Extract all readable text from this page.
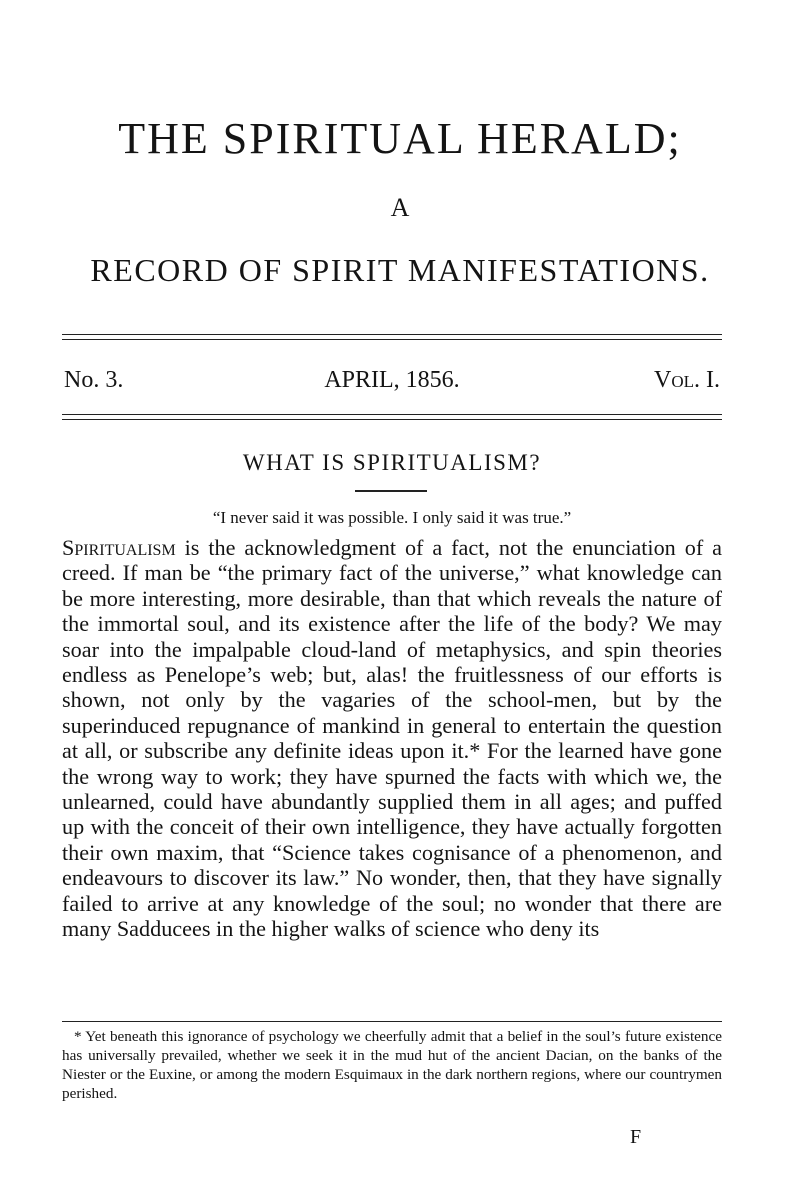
THE SPIRITUAL HERALD;
A
RECORD OF SPIRIT MANIFESTATIONS.
No. 3.	APRIL, 1856.	Vol. I.
WHAT IS SPIRITUALISM?
“I never said it was possible. I only said it was true.”

Spiritualism is the acknowledgment of a fact, not the enunciation of a creed. If man be “the primary fact of the universe,” what knowledge can be more interesting, more desirable, than that which reveals the nature of the immortal soul, and its existence after the life of the body? We may soar into the impalpable cloud-land of metaphysics, and spin theories endless as Penelope’s web; but, alas! the fruitlessness of our efforts is shown, not only by the vagaries of the school-men, but by the superinduced repugnance of mankind in general to entertain the question at all, or subscribe any definite ideas upon it.* For the learned have gone the wrong way to work; they have spurned the facts with which we, the unlearned, could have abundantly supplied them in all ages; and puffed up with the conceit of their own intelligence, they have actually forgotten their own maxim, that “Science takes cognisance of a phenomenon, and endeavours to discover its law.” No wonder, then, that they have signally failed to arrive at any knowledge of the soul; no wonder that there are many Sadducees in the higher walks of science who deny its

* Yet beneath this ignorance of psychology we cheerfully admit that a belief in the soul’s future existence has universally prevailed, whether we seek it in the mud hut of the ancient Dacian, on the banks of the Niester or the Euxine, or among the modern Esquimaux in the dark northern regions, where our countrymen perished.

F
